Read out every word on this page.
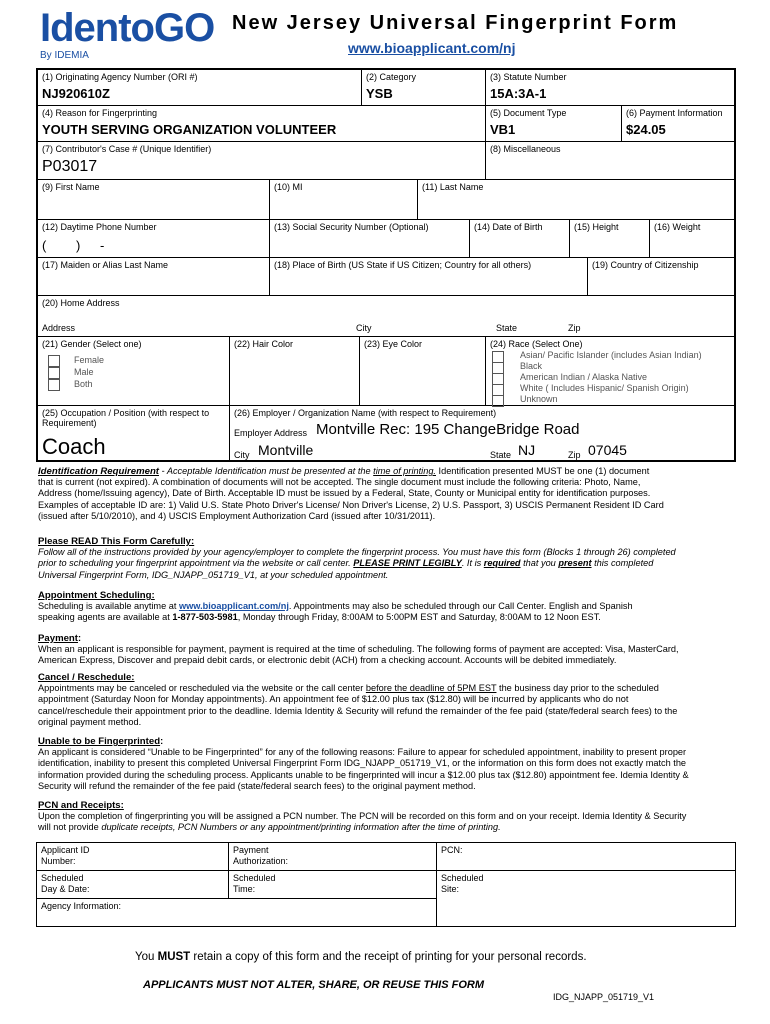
IdentoGO
By IDEMIA
New Jersey Universal Fingerprint Form
www.bioapplicant.com/nj
(1) Originating Agency Number (ORI #)
NJ920610Z
(2) Category
YSB
(3) Statute Number
15A:3A-1
(4) Reason for Fingerprinting
YOUTH SERVING ORGANIZATION VOLUNTEER
(5) Document Type
VB1
(6) Payment Information
$24.05
(7) Contributor's Case # (Unique Identifier)
P03017
(8) Miscellaneous
(9) First Name	(10) MI	(11) Last Name
(12) Daytime Phone Number
( ) -
(13) Social Security Number (Optional)	(14) Date of Birth	(15) Height	(16) Weight
(17) Maiden or Alias Last Name	(18) Place of Birth (US State if US Citizen; Country for all others)	(19) Country of Citizenship
(20) Home Address
Address	City	State	Zip
(21) Gender (Select one)
Female
Male
Both
(22) Hair Color	(23) Eye Color	(24) Race (Select One)
Asian/ Pacific Islander (includes Asian Indian)
Black
American Indian / Alaska Native
White ( Includes Hispanic/ Spanish Origin)
Unknown
(25) Occupation / Position (with respect to
Requirement)
Coach
(26) Employer / Organization Name (with respect to Requirement)
Employer Address Montville Rec: 195 ChangeBridge Road
City Montville	State NJ	Zip 07045

Identification Requirement - Acceptable Identification must be presented at the time of printing. Identification presented MUST be one (1) document

that is current (not expired). A combination of documents will not be accepted. The single document must include the following criteria: Photo, Name,

Address (home/Issuing agency), Date of Birth. Acceptable ID must be issued by a Federal, State, County or Municipal entity for identification purposes.

Examples of acceptable ID are: 1) Valid U.S. State Photo Driver's License/ Non Driver's License, 2) U.S. Passport, 3) USCIS Permanent Resident ID Card

(issued after 5/10/2010), and 4) USCIS Employment Authorization Card (issued after 10/31/2011).

Please READ This Form Carefully:

Follow all of the instructions provided by your agency/employer to complete the fingerprint process. You must have this form (Blocks 1 through 26) completed

prior to scheduling your fingerprint appointment via the website or call center. PLEASE PRINT LEGIBLY. It is required that you present this completed

Universal Fingerprint Form, IDG_NJAPP_051719_V1, at your scheduled appointment.

Appointment Scheduling:

Scheduling is available anytime at www.bioapplicant.com/nj. Appointments may also be scheduled through our Call Center. English and Spanish

speaking agents are available at 1-877-503-5981, Monday through Friday, 8:00AM to 5:00PM EST and Saturday, 8:00AM to 12 Noon EST.

Payment:

When an applicant is responsible for payment, payment is required at the time of scheduling. The following forms of payment are accepted: Visa, MasterCard,

American Express, Discover and prepaid debit cards, or electronic debit (ACH) from a checking account. Accounts will be debited immediately.

Cancel / Reschedule:

Appointments may be canceled or rescheduled via the website or the call center before the deadline of 5PM EST the business day prior to the scheduled

appointment (Saturday Noon for Monday appointments). An appointment fee of $12.00 plus tax ($12.80) will be incurred by applicants who do not

cancel/reschedule their appointment prior to the deadline. Idemia Identity & Security will refund the remainder of the fee paid (state/federal search fees) to the

original payment method.

Unable to be Fingerprinted:

An applicant is considered “Unable to be Fingerprinted” for any of the following reasons: Failure to appear for scheduled appointment, inability to present proper

identification, inability to present this completed Universal Fingerprint Form IDG_NJAPP_051719_V1, or the information on this form does not exactly match the

information provided during the scheduling process. Applicants unable to be fingerprinted will incur a $12.00 plus tax ($12.80) appointment fee. Idemia Identity &

Security will refund the remainder of the fee paid (state/federal search fees) to the original payment method.

PCN and Receipts:

Upon the completion of fingerprinting you will be assigned a PCN number. The PCN will be recorded on this form and on your receipt. Idemia Identity & Security

will not provide duplicate receipts, PCN Numbers or any appointment/printing information after the time of printing.

Applicant ID
Number:
Payment
Authorization:
PCN:
Scheduled
Day & Date:
Scheduled
Time:
Scheduled
Site:
Agency Information:
You MUST retain a copy of this form and the receipt of printing for your personal records.
APPLICANTS MUST NOT ALTER, SHARE, OR REUSE THIS FORM
IDG_NJAPP_051719_V1
